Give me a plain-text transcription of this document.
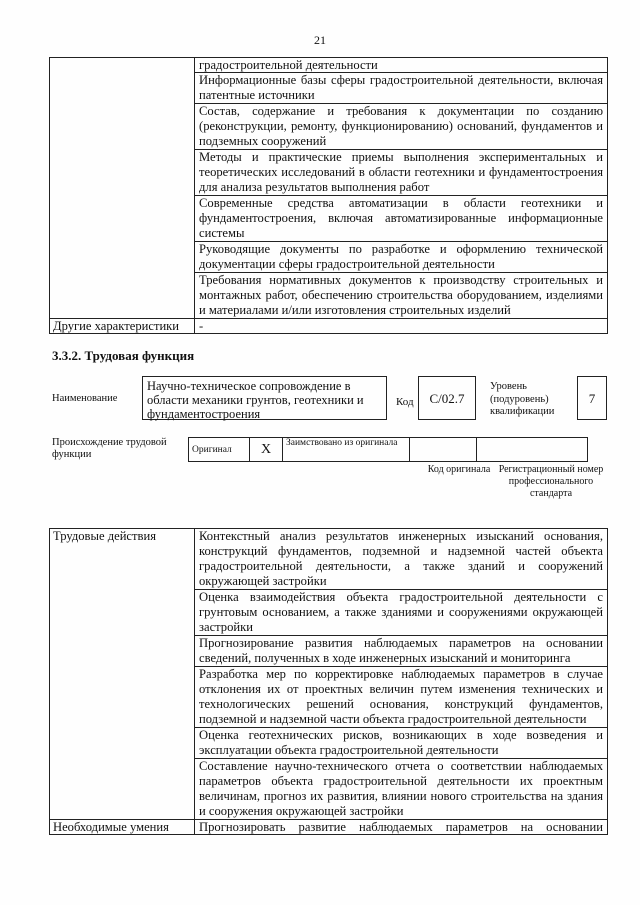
21
	градостроительной деятельности
	Информационные базы сферы градостроительной деятельности, включая патентные источники
	Состав, содержание и требования к документации по созданию (реконструкции, ремонту, функционированию) оснований, фундаментов и подземных сооружений
	Методы и практические приемы выполнения экспериментальных и теоретических исследований в области геотехники и фундаментостроения для анализа результатов выполнения работ
	Современные средства автоматизации в области геотехники и фундаментостроения, включая автоматизированные информационные системы
	Руководящие документы по разработке и оформлению технической документации сферы градостроительной деятельности
	Требования нормативных документов к производству строительных и монтажных работ, обеспечению строительства оборудованием, изделиями и материалами и/или изготовления строительных изделий
Другие характеристики	-
3.3.2. Трудовая функция
Наименование
Научно-техническое сопровождение в области механики грунтов, геотехники и фундаментостроения
Код	С/02.7
Уровень (подуровень) квалификации
7
Происхождение трудовой функции	Оригинал	X	Заимствовано из оригинала		
Код оригинала Регистрационный номер профессионального стандарта
Трудовые действия	Контекстный анализ результатов инженерных изысканий основания, конструкций фундаментов, подземной и надземной частей объекта градостроительной деятельности, а также зданий и сооружений окружающей застройки
	Оценка взаимодействия объекта градостроительной деятельности с грунтовым основанием, а также зданиями и сооружениями окружающей застройки
	Прогнозирование развития наблюдаемых параметров на основании сведений, полученных в ходе инженерных изысканий и мониторинга
	Разработка мер по корректировке наблюдаемых параметров в случае отклонения их от проектных величин путем изменения технических и технологических решений основания, конструкций фундаментов, подземной и надземной части объекта градостроительной деятельности
	Оценка геотехнических рисков, возникающих в ходе возведения и эксплуатации объекта градостроительной деятельности
	Составление научно-технического отчета о соответствии наблюдаемых параметров объекта градостроительной деятельности их проектным величинам, прогноз их развития, влиянии нового строительства на здания и сооружения окружающей застройки
Необходимые умения	Прогнозировать развитие наблюдаемых параметров на основании
